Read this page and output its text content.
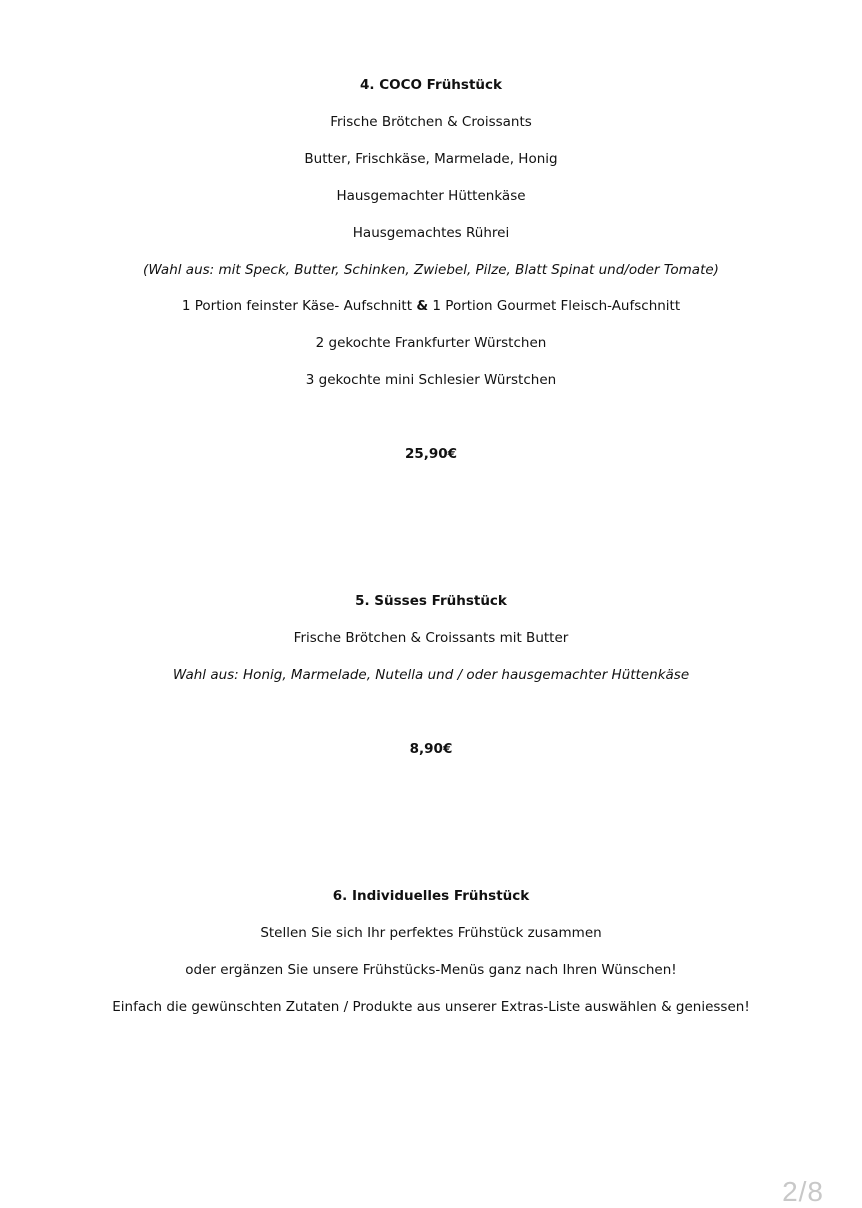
4. COCO Frühstück
Frische Brötchen & Croissants
Butter, Frischkäse, Marmelade, Honig
Hausgemachter Hüttenkäse
Hausgemachtes Rührei
(Wahl aus: mit Speck, Butter, Schinken, Zwiebel, Pilze, Blatt Spinat und/oder Tomate)
1 Portion feinster Käse- Aufschnitt & 1 Portion Gourmet Fleisch-Aufschnitt
2 gekochte Frankfurter Würstchen
3 gekochte mini Schlesier Würstchen
25,90€
5. Süsses Frühstück
Frische Brötchen & Croissants mit Butter
Wahl aus: Honig, Marmelade, Nutella und / oder hausgemachter Hüttenkäse
8,90€
6. Individuelles Frühstück
Stellen Sie sich Ihr perfektes Frühstück zusammen
oder ergänzen Sie unsere Frühstücks-Menüs ganz nach Ihren Wünschen!
Einfach die gewünschten Zutaten / Produkte aus unserer Extras-Liste auswählen & geniessen!
2/8
